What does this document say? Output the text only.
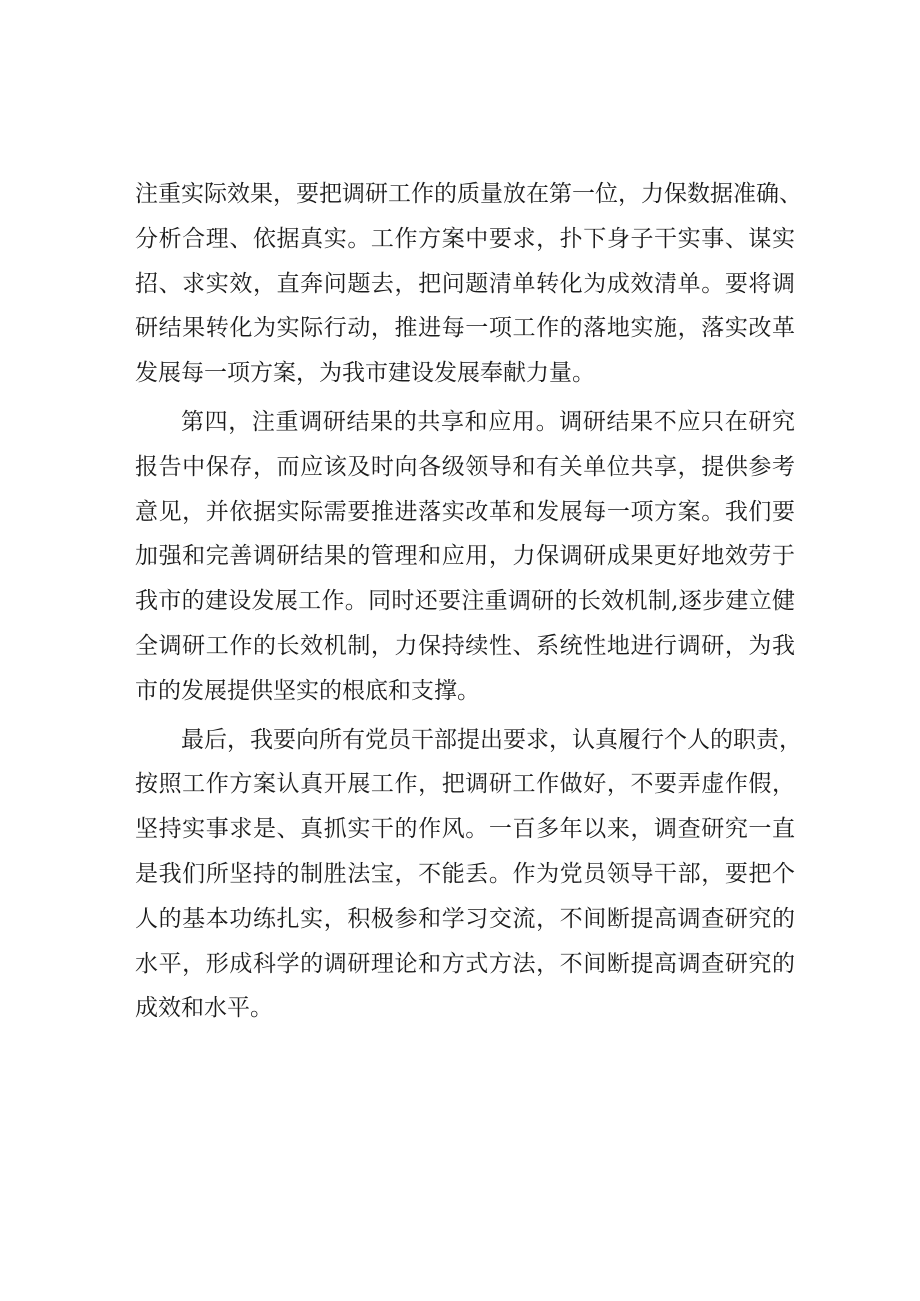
注重实际效果，要把调研工作的质量放在第一位，力保数据准确、
分析合理、依据真实。工作方案中要求，扑下身子干实事、谋实
招、求实效，直奔问题去，把问题清单转化为成效清单。要将调
研结果转化为实际行动，推进每一项工作的落地实施，落实改革
发展每一项方案，为我市建设发展奉献力量。
第四，注重调研结果的共享和应用。调研结果不应只在研究
报告中保存，而应该及时向各级领导和有关单位共享，提供参考
意见，并依据实际需要推进落实改革和发展每一项方案。我们要
加强和完善调研结果的管理和应用，力保调研成果更好地效劳于
我市的建设发展工作。同时还要注重调研的长效机制,逐步建立健
全调研工作的长效机制，力保持续性、系统性地进行调研，为我
市的发展提供坚实的根底和支撑。
最后，我要向所有党员干部提出要求，认真履行个人的职责，
按照工作方案认真开展工作，把调研工作做好，不要弄虚作假，
坚持实事求是、真抓实干的作风。一百多年以来，调查研究一直
是我们所坚持的制胜法宝，不能丢。作为党员领导干部，要把个
人的基本功练扎实，积极参和学习交流，不间断提高调查研究的
水平，形成科学的调研理论和方式方法，不间断提高调查研究的
成效和水平。
